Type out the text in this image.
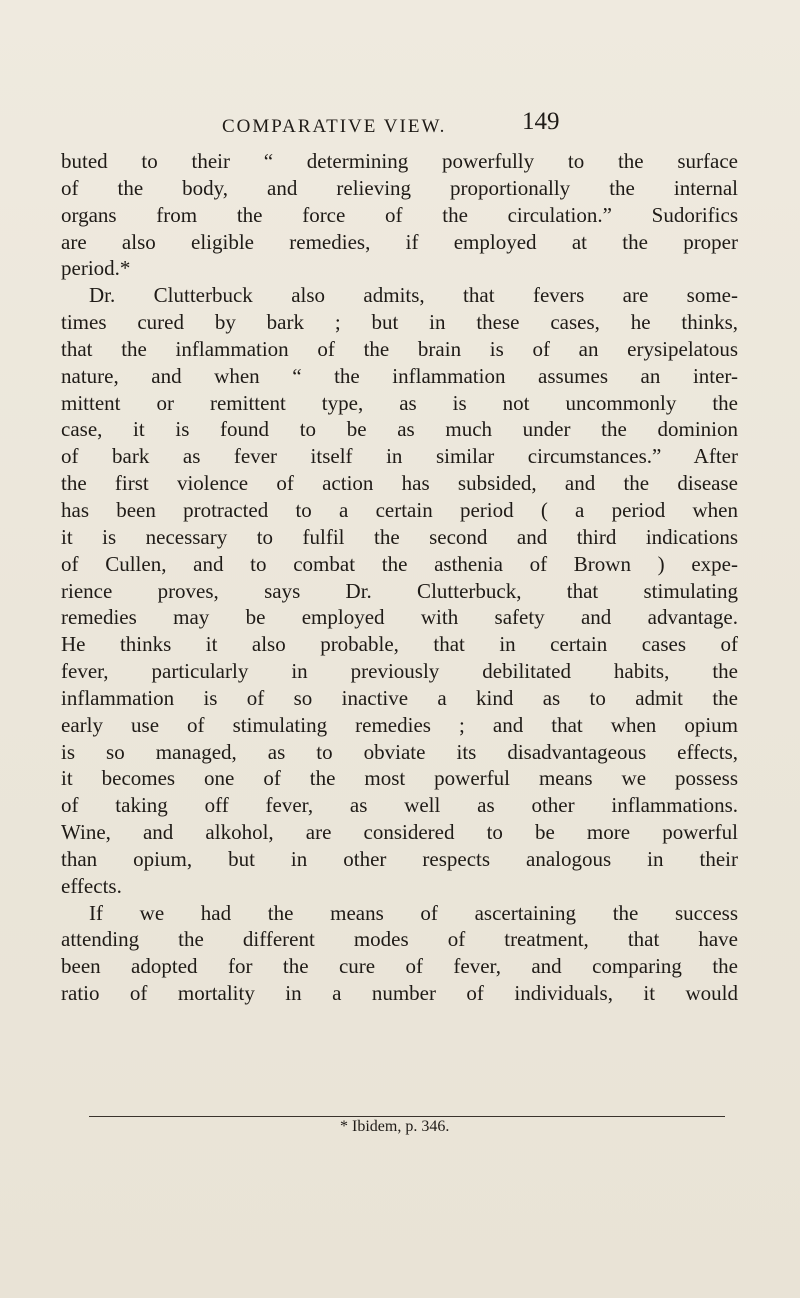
COMPARATIVE VIEW.	149
buted to their “ determining powerfully to the surface
of the body, and relieving proportionally the internal
organs from the force of the circulation.” Sudorifics
are also eligible remedies, if employed at the proper
period.*
Dr. Clutterbuck also admits, that fevers are some-
times cured by bark ; but in these cases, he thinks,
that the inflammation of the brain is of an erysipelatous
nature, and when “ the inflammation assumes an inter-
mittent or remittent type, as is not uncommonly the
case, it is found to be as much under the dominion
of bark as fever itself in similar circumstances.” After
the first violence of action has subsided, and the disease
has been protracted to a certain period ( a period when
it is necessary to fulfil the second and third indications
of Cullen, and to combat the asthenia of Brown ) expe-
rience proves, says Dr. Clutterbuck, that stimulating
remedies may be employed with safety and advantage.
He thinks it also probable, that in certain cases of
fever, particularly in previously debilitated habits, the
inflammation is of so inactive a kind as to admit the
early use of stimulating remedies ; and that when opium
is so managed, as to obviate its disadvantageous effects,
it becomes one of the most powerful means we possess
of taking off fever, as well as other inflammations.
Wine, and alkohol, are considered to be more powerful
than opium, but in other respects analogous in their
effects.
If we had the means of ascertaining the success
attending the different modes of treatment, that have
been adopted for the cure of fever, and comparing the
ratio of mortality in a number of individuals, it would
* Ibidem, p. 346.
